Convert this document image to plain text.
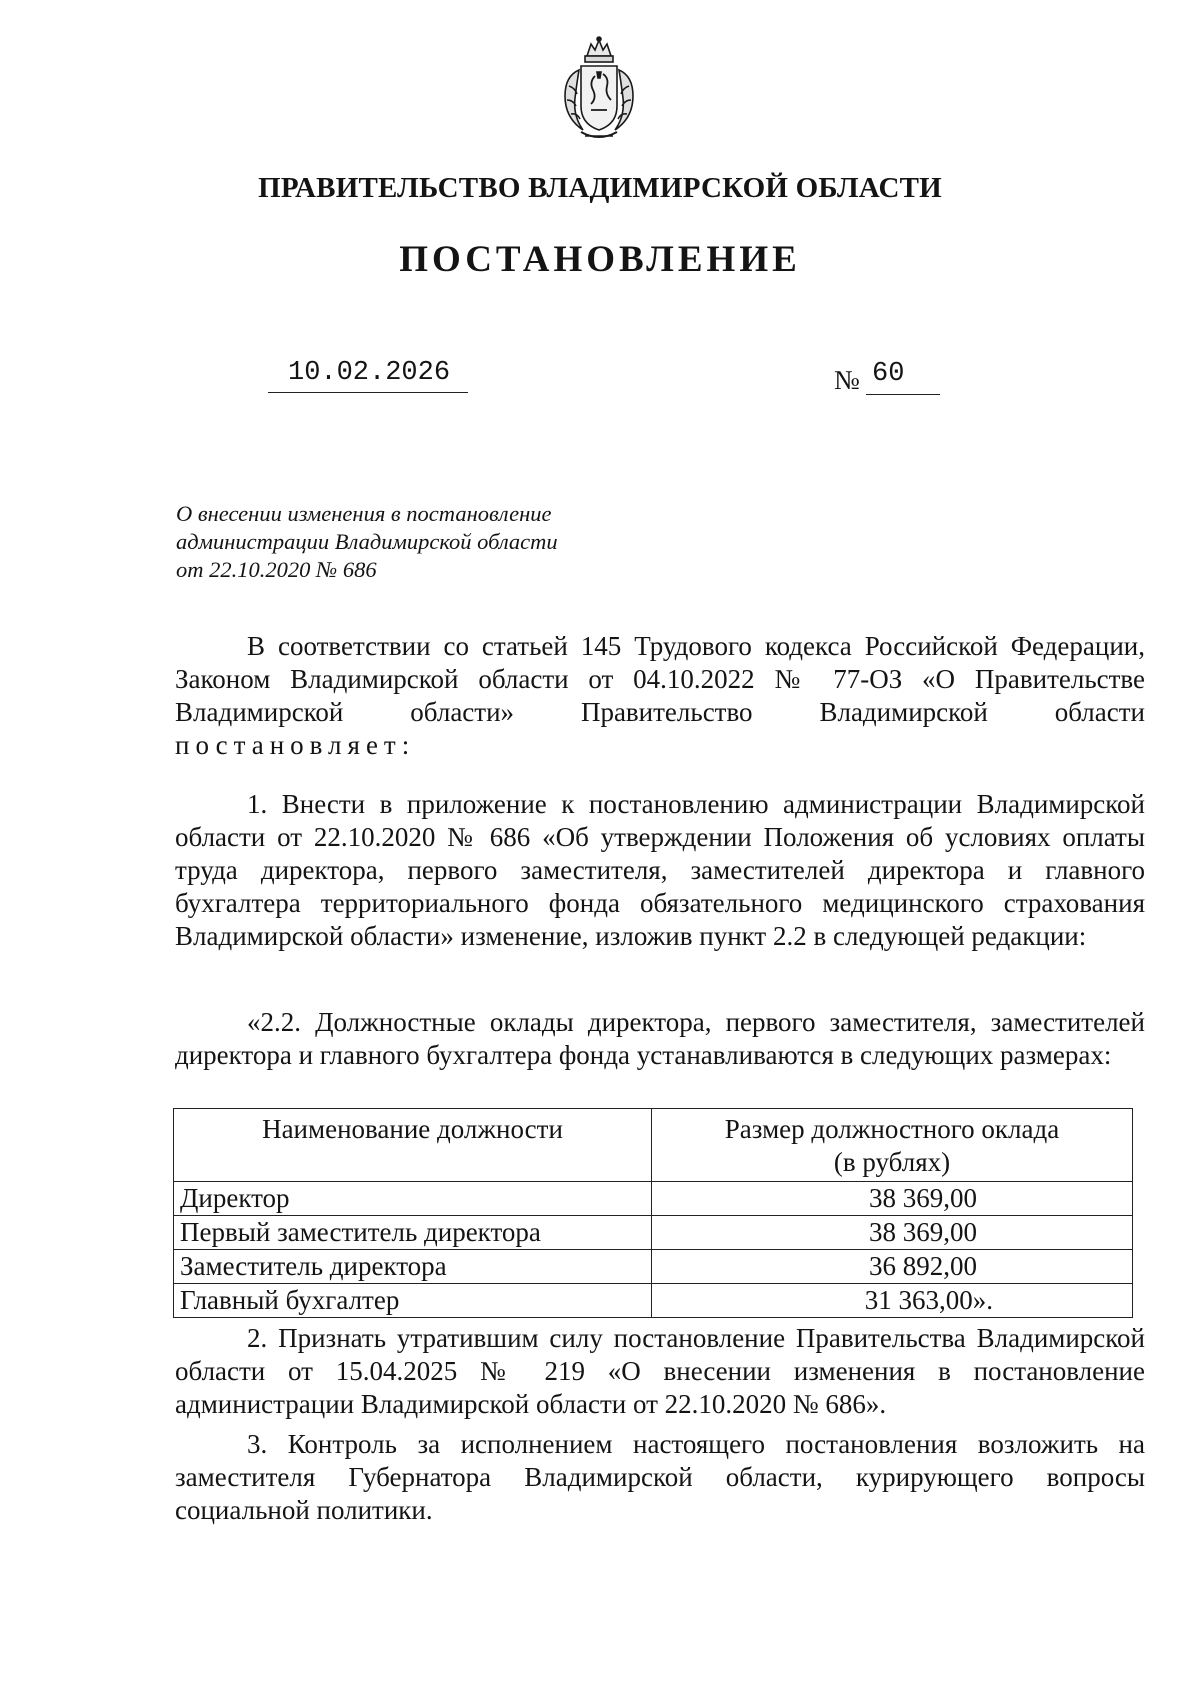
ПРАВИТЕЛЬСТВО ВЛАДИМИРСКОЙ ОБЛАСТИ
ПОСТАНОВЛЕНИЕ
10.02.2026	№ 60
О внесении изменения в постановление
администрации Владимирской области
от 22.10.2020 № 686
В соответствии со статьей 145 Трудового кодекса Российской Федерации, Законом Владимирской области от 04.10.2022 № 77-ОЗ «О Правительстве Владимирской области» Правительство Владимирской области постановляет:
1. Внести в приложение к постановлению администрации Владимирской области от 22.10.2020 № 686 «Об утверждении Положения об условиях оплаты труда директора, первого заместителя, заместителей директора и главного бухгалтера территориального фонда обязательного медицинского страхования Владимирской области» изменение, изложив пункт 2.2 в следующей редакции:
«2.2. Должностные оклады директора, первого заместителя, заместителей директора и главного бухгалтера фонда устанавливаются в следующих размерах:
Наименование должности	Размер должностного оклада
(в рублях)

Директор	38 369,00
Первый заместитель директора	38 369,00
Заместитель директора	36 892,00
Главный бухгалтер	31 363,00».
2. Признать утратившим силу постановление Правительства Владимирской области от 15.04.2025 № 219 «О внесении изменения в постановление администрации Владимирской области от 22.10.2020 № 686».
3. Контроль за исполнением настоящего постановления возложить на заместителя Губернатора Владимирской области, курирующего вопросы социальной политики.
